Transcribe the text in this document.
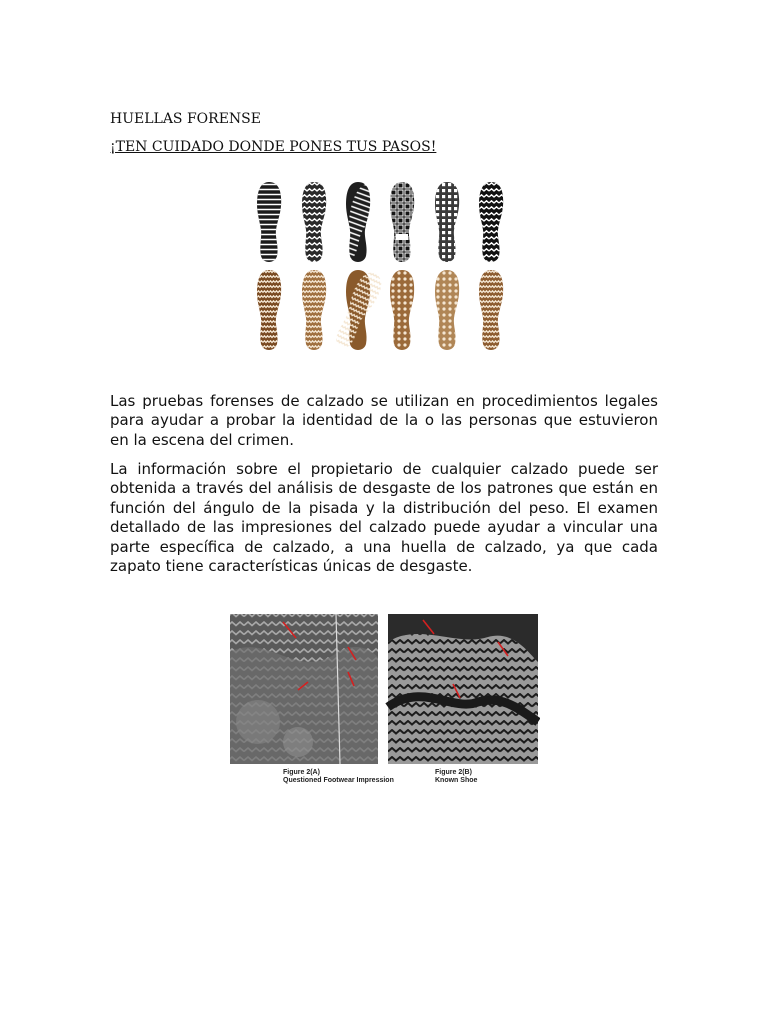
HUELLAS FORENSE
¡TEN CUIDADO DONDE PONES TUS PASOS!

Las pruebas forenses de calzado se utilizan en procedimientos legales para ayudar a probar la identidad de la o las personas que estuvieron en la escena del crimen.

La información sobre el propietario de cualquier calzado puede ser obtenida a través del análisis de desgaste de los patrones que están en función del ángulo de la pisada y la distribución del peso. El examen detallado de las impresiones del calzado puede ayudar a vincular una parte específica de calzado, a una huella de calzado, ya que cada zapato tiene características únicas de desgaste.

Figure 2(A)
Questioned Footwear Impression
Figure 2(B)
Known Shoe
